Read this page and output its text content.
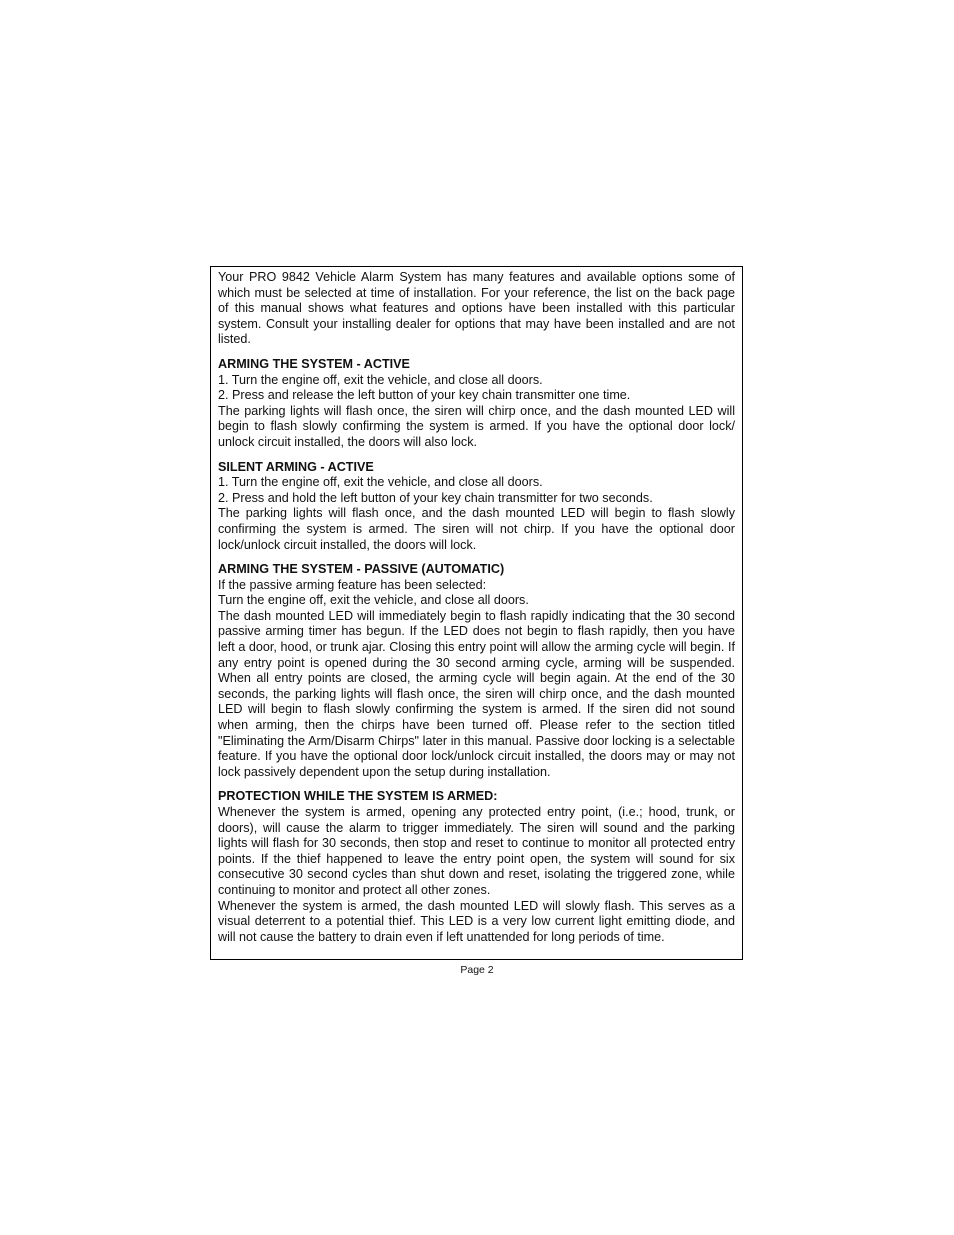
Your PRO 9842 Vehicle Alarm System has many features and available options some of which must be selected at time of installation. For your reference, the list on the back page of this manual shows what features and options have been installed with this particular system. Consult your installing dealer for options that may have been installed and are not listed.

ARMING THE SYSTEM - ACTIVE

1. Turn the engine off, exit the vehicle, and close all doors.

2. Press and release the left button of your key chain transmitter one time.

The parking lights will flash once, the siren will chirp once, and the dash mounted LED will begin to flash slowly confirming the system is armed. If you have the optional door lock/ unlock circuit installed, the doors will also lock.

SILENT ARMING - ACTIVE

1. Turn the engine off, exit the vehicle, and close all doors.

2. Press and hold the left button of your key chain transmitter for two seconds.

The parking lights will flash once, and the dash mounted LED will begin to flash slowly confirming the system is armed. The siren will not chirp. If you have the optional door lock/unlock circuit installed, the doors will lock.

ARMING THE SYSTEM - PASSIVE (AUTOMATIC)

If the passive arming feature has been selected:

Turn the engine off, exit the vehicle, and close all doors.

The dash mounted LED will immediately begin to flash rapidly indicating that the 30 second passive arming timer has begun. If the LED does not begin to flash rapidly, then you have left a door, hood, or trunk ajar. Closing this entry point will allow the arming cycle will begin. If any entry point is opened during the 30 second arming cycle, arming will be suspended. When all entry points are closed, the arming cycle will begin again. At the end of the 30 seconds, the parking lights will flash once, the siren will chirp once, and the dash mounted LED will begin to flash slowly confirming the system is armed. If the siren did not sound when arming, then the chirps have been turned off. Please refer to the section titled "Eliminating the Arm/Disarm Chirps" later in this manual. Passive door locking is a selectable feature. If you have the optional door lock/unlock circuit installed, the doors may or may not lock passively dependent upon the setup during installation.

PROTECTION WHILE THE SYSTEM IS ARMED:

Whenever the system is armed, opening any protected entry point, (i.e.; hood, trunk, or doors), will cause the alarm to trigger immediately. The siren will sound and the parking lights will flash for 30 seconds, then stop and reset to continue to monitor all protected entry points. If the thief happened to leave the entry point open, the system will sound for six consecutive 30 second cycles than shut down and reset, isolating the triggered zone, while continuing to monitor and protect all other zones.

Whenever the system is armed, the dash mounted LED will slowly flash. This serves as a visual deterrent to a potential thief. This LED is a very low current light emitting diode, and will not cause the battery to drain even if left unattended for long periods of time.

Page 2
